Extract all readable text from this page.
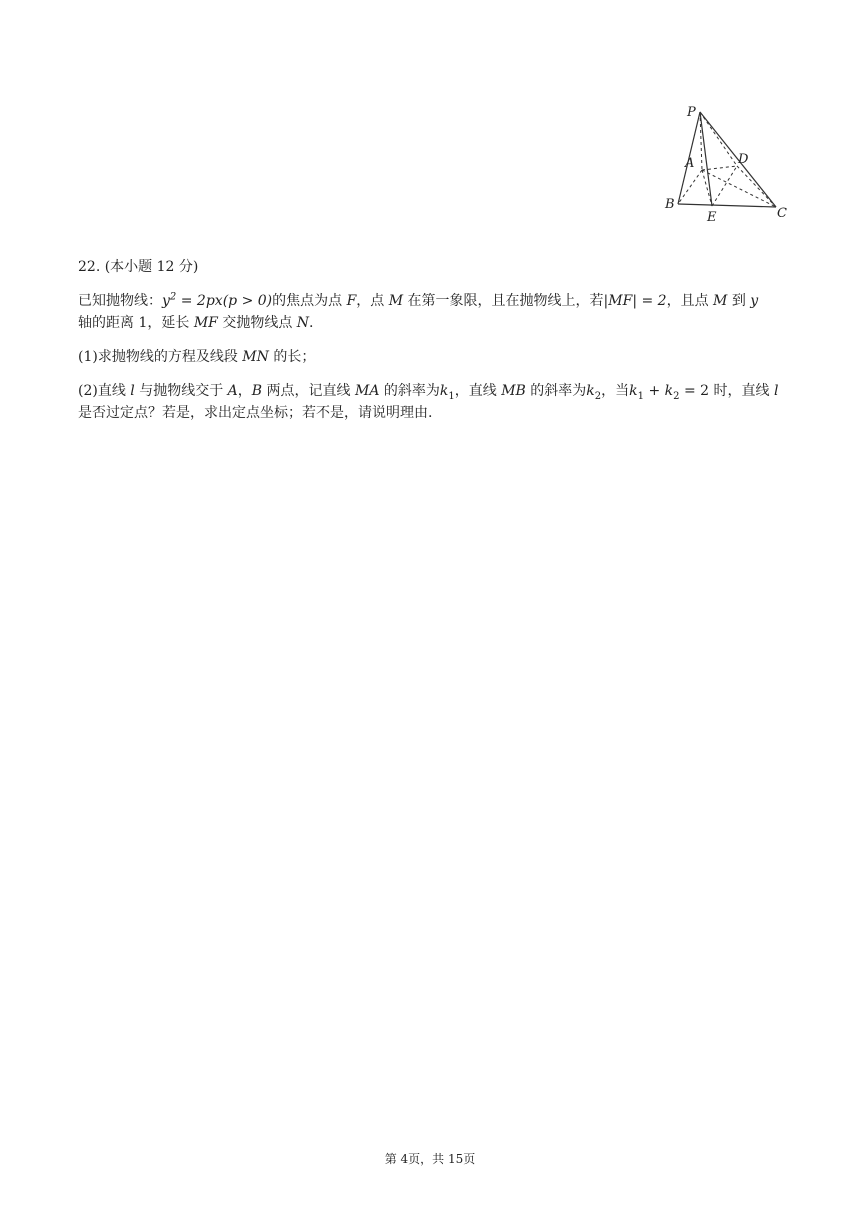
P
A	D
B
E	C

22. (本小题 12 分)

已知抛物线：$y^2 = 2px(p > 0)$的焦点为点 F，点 M 在第一象限，且在抛物线上，若|MF| = 2，且点 M 到 y
轴的距离 1，延长 MF 交抛物线点 N.

(1)求抛物线的方程及线段 MN 的长；

(2)直线 l 与抛物线交于 A，B 两点，记直线 MA 的斜率为$k_1$，直线 MB 的斜率为$k_2$，当$k_1 + k_2 = 2$ 时，直线 l 是否过定点？若是，求出定点坐标；若不是，请说明理由.

第 4页，共 15页
